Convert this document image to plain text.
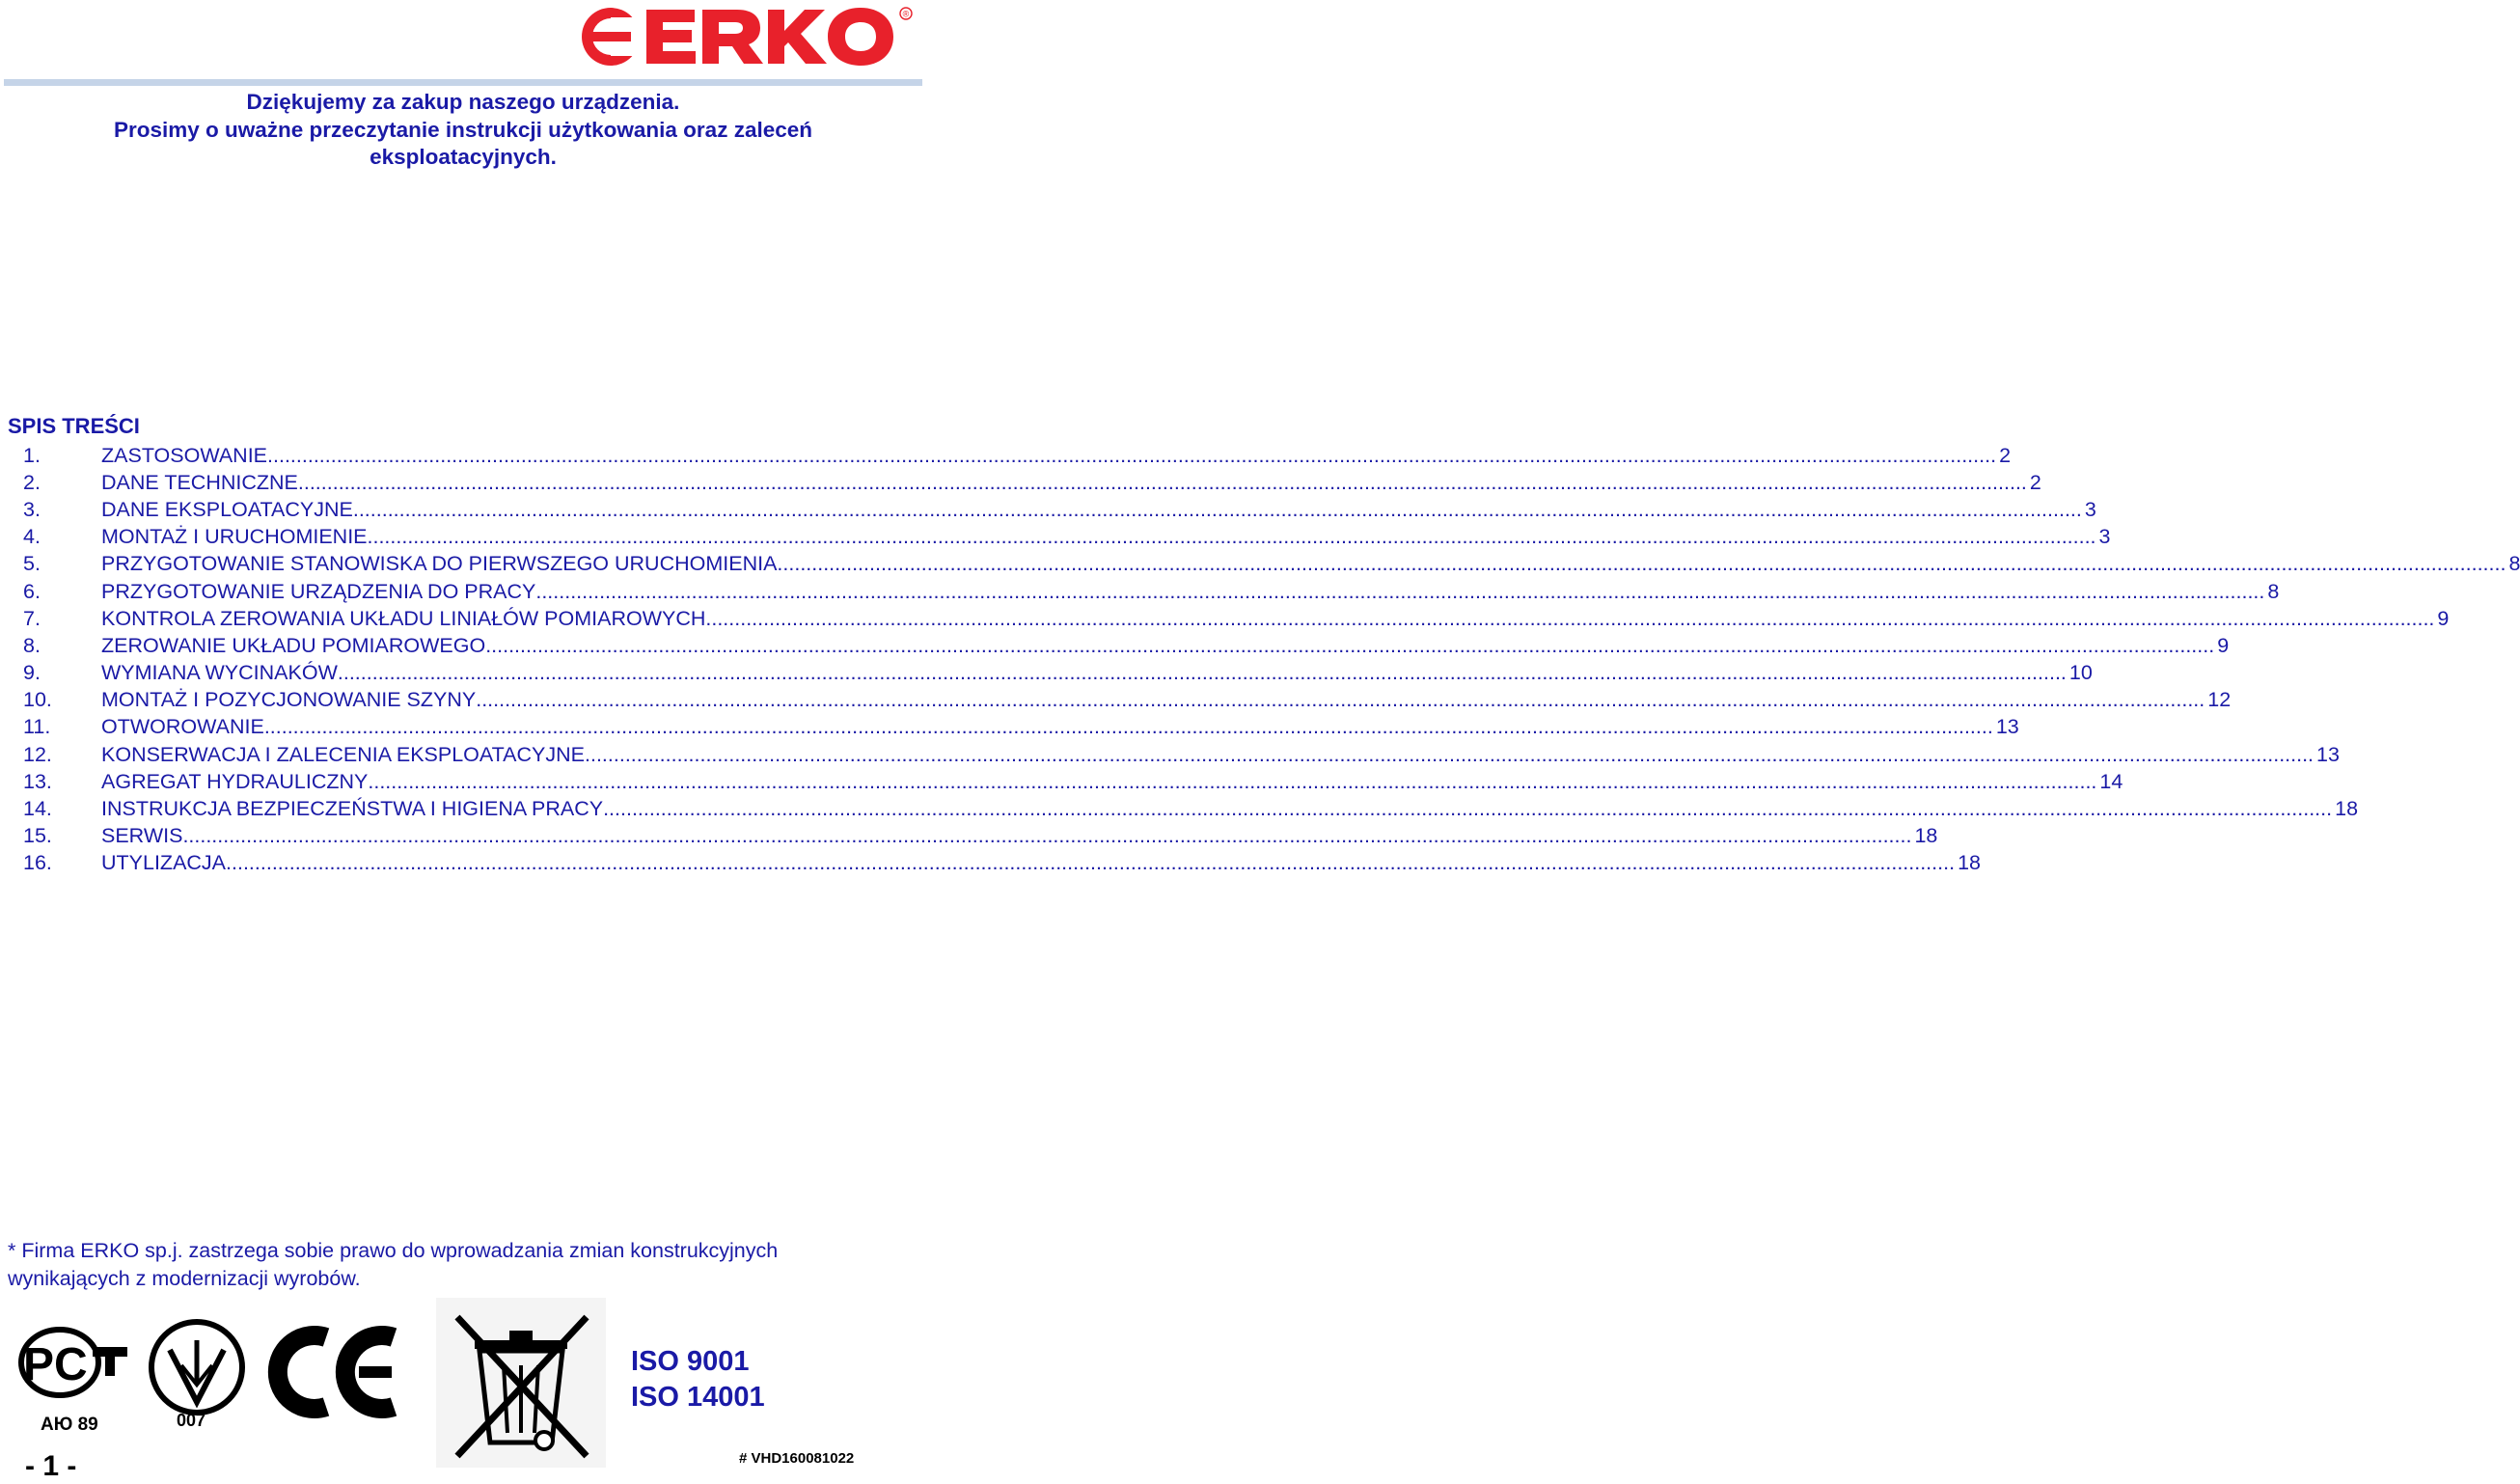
®
Dziękujemy za zakup naszego urządzenia.
Prosimy o uważne przeczytanie instrukcji użytkowania oraz zaleceń
eksploatacyjnych.
SPIS TREŚCI
1.	ZASTOSOWANIE ............................................................................................................................................................................................................................................................................................................ 2
2.	DANE TECHNICZNE ............................................................................................................................................................................................................................................................................................................ 2
3.	DANE EKSPLOATACYJNE ............................................................................................................................................................................................................................................................................................................ 3
4.	MONTAŻ I URUCHOMIENIE ............................................................................................................................................................................................................................................................................................................ 3
5.	PRZYGOTOWANIE STANOWISKA DO PIERWSZEGO URUCHOMIENIA ............................................................................................................................................................................................................................................................................................................ 8
6.	PRZYGOTOWANIE URZĄDZENIA DO PRACY ............................................................................................................................................................................................................................................................................................................ 8
7.	KONTROLA ZEROWANIA UKŁADU LINIAŁÓW POMIAROWYCH ............................................................................................................................................................................................................................................................................................................ 9
8.	ZEROWANIE UKŁADU POMIAROWEGO ............................................................................................................................................................................................................................................................................................................ 9
9.	WYMIANA WYCINAKÓW ............................................................................................................................................................................................................................................................................................................ 10
10.	MONTAŻ I POZYCJONOWANIE SZYNY ............................................................................................................................................................................................................................................................................................................ 12
11.	OTWOROWANIE ............................................................................................................................................................................................................................................................................................................ 13
12.	KONSERWACJA I ZALECENIA EKSPLOATACYJNE ............................................................................................................................................................................................................................................................................................................ 13
13.	AGREGAT HYDRAULICZNY ............................................................................................................................................................................................................................................................................................................ 14
14.	INSTRUKCJA BEZPIECZEŃSTWA I HIGIENA PRACY ............................................................................................................................................................................................................................................................................................................ 18
15.	SERWIS ............................................................................................................................................................................................................................................................................................................ 18
16.	UTYLIZACJA ............................................................................................................................................................................................................................................................................................................ 18
* Firma ERKO sp.j. zastrzega sobie prawo do wprowadzania zmian konstrukcyjnych
wynikających z modernizacji wyrobów.
PC
АЮ 89	007
ISO 9001
ISO 14001
- 1 -	# VHD160081022
